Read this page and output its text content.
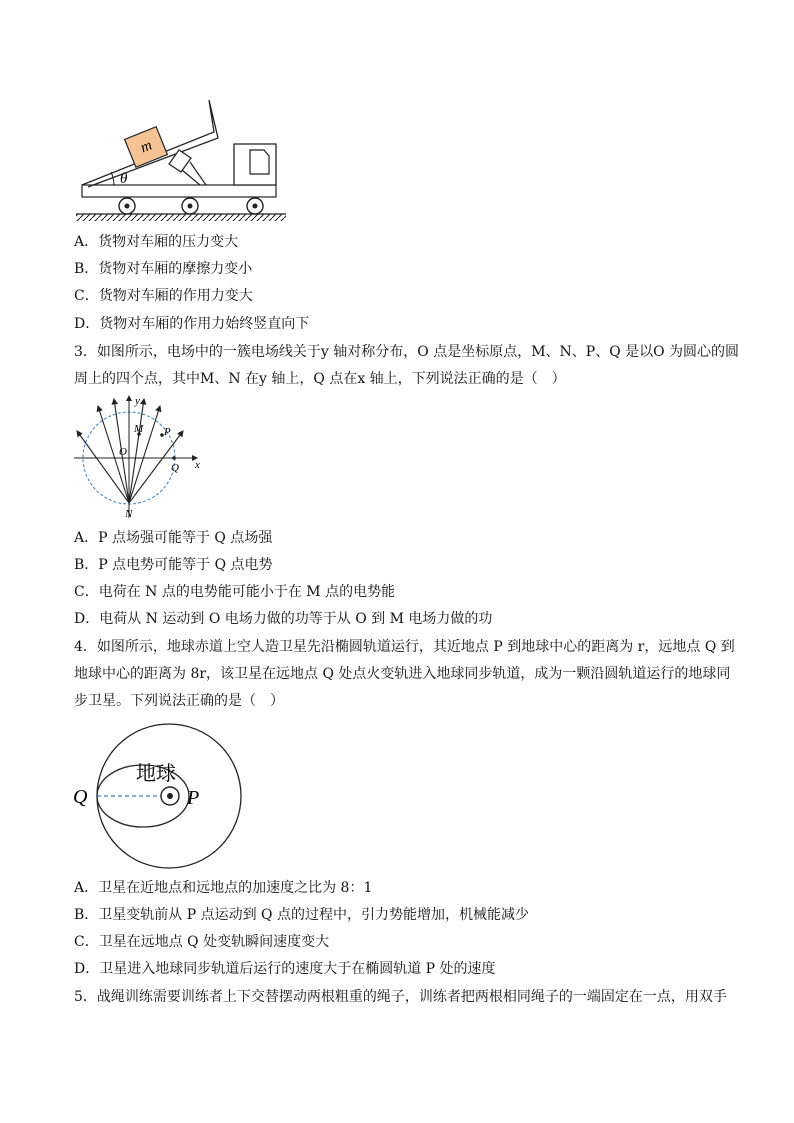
θ
m
A．货物对车厢的压力变大
B．货物对车厢的摩擦力变小
C．货物对车厢的作用力变大
D．货物对车厢的作用力始终竖直向下
3．如图所示，电场中的一簇电场线关于y 轴对称分布，O 点是坐标原点，M、N、P、Q 是以O 为圆心的圆
周上的四个点，其中M、N 在y 轴上，Q 点在x 轴上，下列说法正确的是（　）
y
M P
O
Q x
N
A．P 点场强可能等于 Q 点场强
B．P 点电势可能等于 Q 点电势
C．电荷在 N 点的电势能可能小于在 M 点的电势能
D．电荷从 N 运动到 O 电场力做的功等于从 O 到 M 电场力做的功
4．如图所示，地球赤道上空人造卫星先沿椭圆轨道运行，其近地点 P 到地球中心的距离为 r，远地点 Q 到
地球中心的距离为 8r，该卫星在远地点 Q 处点火变轨进入地球同步轨道，成为一颗沿圆轨道运行的地球同
步卫星。下列说法正确的是（　）
地球
Q	P
A．卫星在近地点和远地点的加速度之比为 8：1
B．卫星变轨前从 P 点运动到 Q 点的过程中，引力势能增加，机械能减少
C．卫星在远地点 Q 处变轨瞬间速度变大
D．卫星进入地球同步轨道后运行的速度大于在椭圆轨道 P 处的速度
5．战绳训练需要训练者上下交替摆动两根粗重的绳子，训练者把两根相同绳子的一端固定在一点，用双手
